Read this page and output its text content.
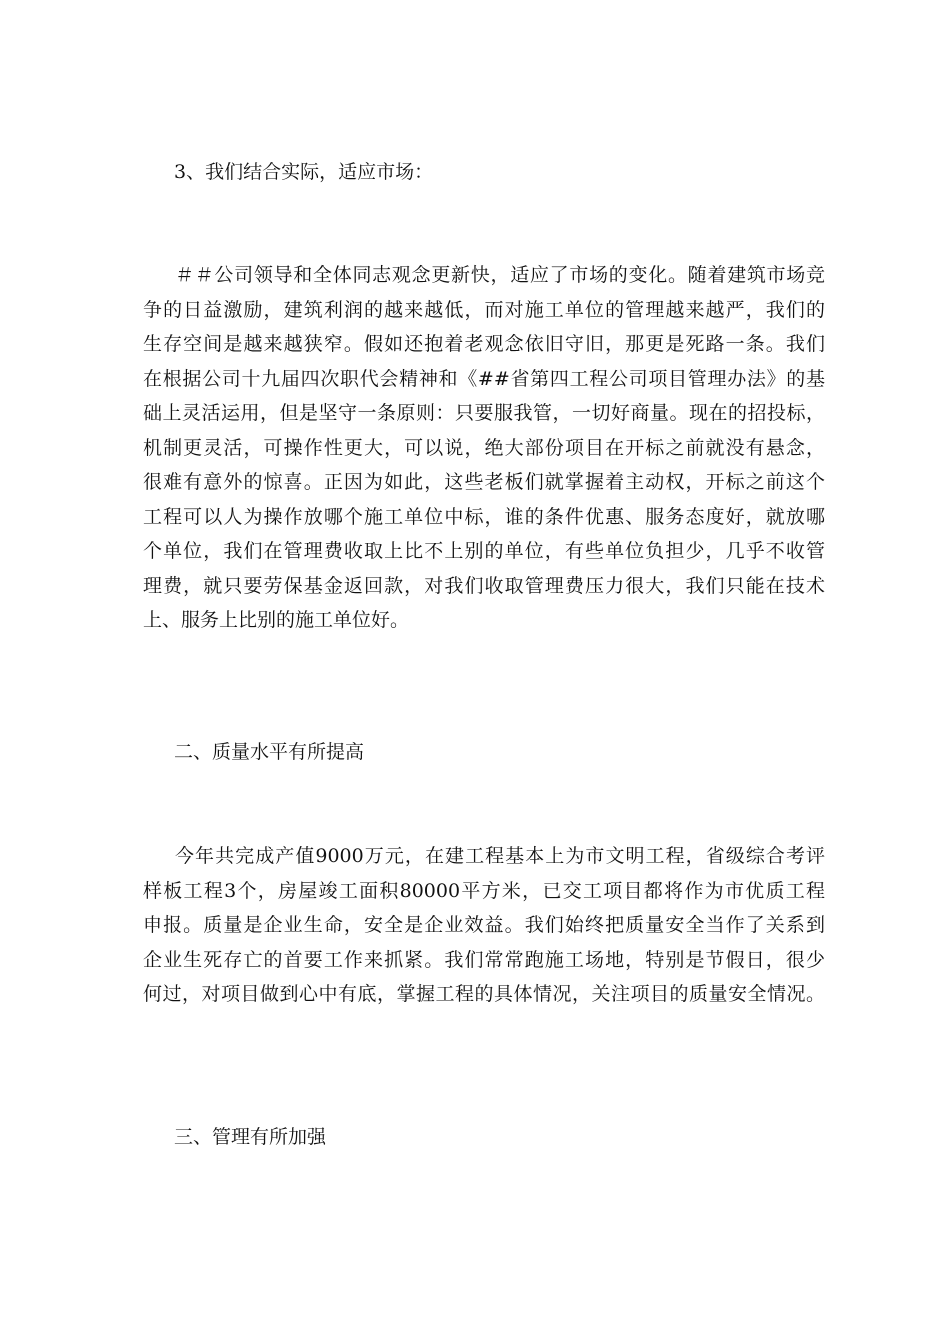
3、我们结合实际，适应市场：

＃＃公司领导和全体同志观念更新快，适应了市场的变化。随着建筑市场竞
争的日益激励，建筑利润的越来越低，而对施工单位的管理越来越严，我们的
生存空间是越来越狭窄。假如还抱着老观念依旧守旧，那更是死路一条。我们
在根据公司十九届四次职代会精神和《##省第四工程公司项目管理办法》的基
础上灵活运用，但是坚守一条原则：只要服我管，一切好商量。现在的招投标，
机制更灵活，可操作性更大，可以说，绝大部份项目在开标之前就没有悬念，
很难有意外的惊喜。正因为如此，这些老板们就掌握着主动权，开标之前这个
工程可以人为操作放哪个施工单位中标，谁的条件优惠、服务态度好，就放哪
个单位，我们在管理费收取上比不上别的单位，有些单位负担少，几乎不收管
理费，就只要劳保基金返回款，对我们收取管理费压力很大，我们只能在技术
上、服务上比别的施工单位好。

二、质量水平有所提高

今年共完成产值9000万元，在建工程基本上为市文明工程，省级综合考评
样板工程3个，房屋竣工面积80000平方米，已交工项目都将作为市优质工程
申报。质量是企业生命，安全是企业效益。我们始终把质量安全当作了关系到
企业生死存亡的首要工作来抓紧。我们常常跑施工场地，特别是节假日，很少
何过，对项目做到心中有底，掌握工程的具体情况，关注项目的质量安全情况。

三、管理有所加强
